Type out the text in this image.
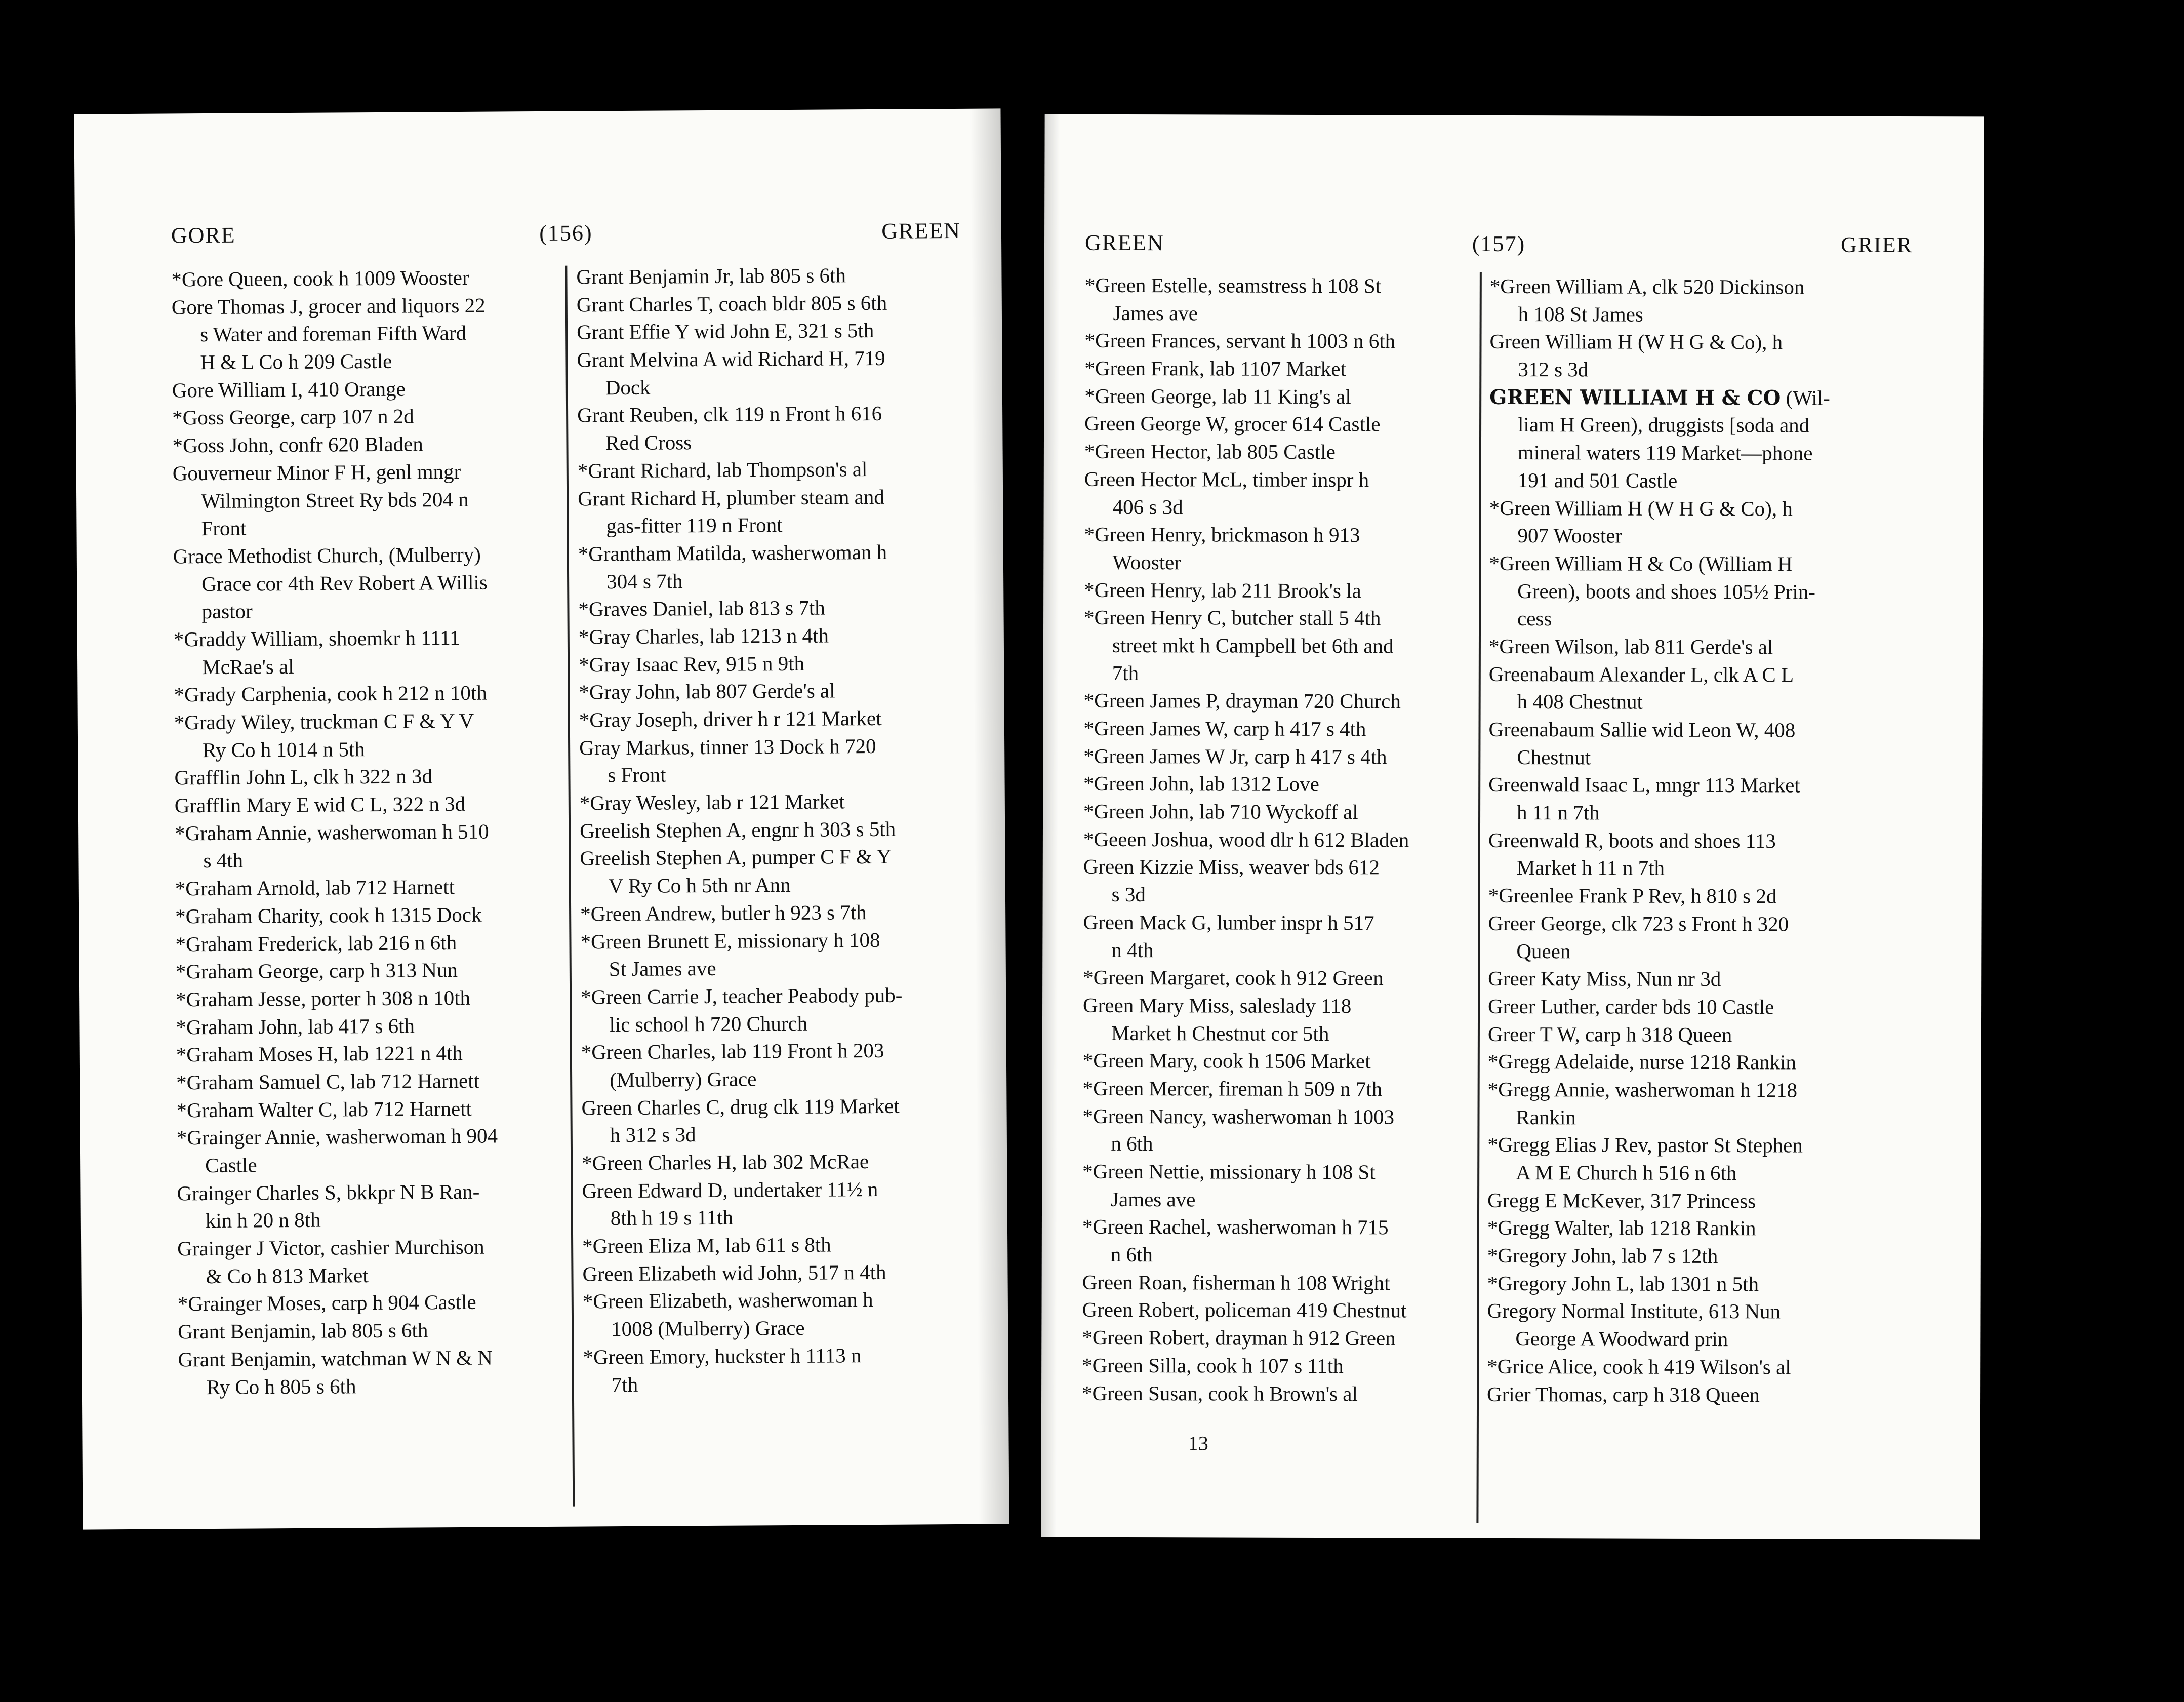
GORE	(156)	GREEN
*Gore Queen, cook h 1009 Wooster
Gore Thomas J, grocer and liquors 22
s Water and foreman Fifth Ward
H & L Co h 209 Castle
Gore William I, 410 Orange
*Goss George, carp 107 n 2d
*Goss John, confr 620 Bladen
Gouverneur Minor F H, genl mngr
Wilmington Street Ry bds 204 n
Front
Grace Methodist Church, (Mulberry)
Grace cor 4th Rev Robert A Willis
pastor
*Graddy William, shoemkr h 1111
McRae's al
*Grady Carphenia, cook h 212 n 10th
*Grady Wiley, truckman C F & Y V
Ry Co h 1014 n 5th
Grafflin John L, clk h 322 n 3d
Grafflin Mary E wid C L, 322 n 3d
*Graham Annie, washerwoman h 510
s 4th
*Graham Arnold, lab 712 Harnett
*Graham Charity, cook h 1315 Dock
*Graham Frederick, lab 216 n 6th
*Graham George, carp h 313 Nun
*Graham Jesse, porter h 308 n 10th
*Graham John, lab 417 s 6th
*Graham Moses H, lab 1221 n 4th
*Graham Samuel C, lab 712 Harnett
*Graham Walter C, lab 712 Harnett
*Grainger Annie, washerwoman h 904
Castle
Grainger Charles S, bkkpr N B Ran-
kin h 20 n 8th
Grainger J Victor, cashier Murchison
& Co h 813 Market
*Grainger Moses, carp h 904 Castle
Grant Benjamin, lab 805 s 6th
Grant Benjamin, watchman W N & N
Ry Co h 805 s 6th
Grant Benjamin Jr, lab 805 s 6th
Grant Charles T, coach bldr 805 s 6th
Grant Effie Y wid John E, 321 s 5th
Grant Melvina A wid Richard H, 719
Dock
Grant Reuben, clk 119 n Front h 616
Red Cross
*Grant Richard, lab Thompson's al
Grant Richard H, plumber steam and
gas-fitter 119 n Front
*Grantham Matilda, washerwoman h
304 s 7th
*Graves Daniel, lab 813 s 7th
*Gray Charles, lab 1213 n 4th
*Gray Isaac Rev, 915 n 9th
*Gray John, lab 807 Gerde's al
*Gray Joseph, driver h r 121 Market
Gray Markus, tinner 13 Dock h 720
s Front
*Gray Wesley, lab r 121 Market
Greelish Stephen A, engnr h 303 s 5th
Greelish Stephen A, pumper C F & Y
V Ry Co h 5th nr Ann
*Green Andrew, butler h 923 s 7th
*Green Brunett E, missionary h 108
St James ave
*Green Carrie J, teacher Peabody pub-
lic school h 720 Church
*Green Charles, lab 119 Front h 203
(Mulberry) Grace
Green Charles C, drug clk 119 Market
h 312 s 3d
*Green Charles H, lab 302 McRae
Green Edward D, undertaker 11½ n
8th h 19 s 11th
*Green Eliza M, lab 611 s 8th
Green Elizabeth wid John, 517 n 4th
*Green Elizabeth, washerwoman h
1008 (Mulberry) Grace
*Green Emory, huckster h 1113 n
7th
GREEN	(157)	GRIER
*Green Estelle, seamstress h 108 St
James ave
*Green Frances, servant h 1003 n 6th
*Green Frank, lab 1107 Market
*Green George, lab 11 King's al
Green George W, grocer 614 Castle
*Green Hector, lab 805 Castle
Green Hector McL, timber inspr h
406 s 3d
*Green Henry, brickmason h 913
Wooster
*Green Henry, lab 211 Brook's la
*Green Henry C, butcher stall 5 4th
street mkt h Campbell bet 6th and
7th
*Green James P, drayman 720 Church
*Green James W, carp h 417 s 4th
*Green James W Jr, carp h 417 s 4th
*Green John, lab 1312 Love
*Green John, lab 710 Wyckoff al
*Geeen Joshua, wood dlr h 612 Bladen
Green Kizzie Miss, weaver bds 612
s 3d
Green Mack G, lumber inspr h 517
n 4th
*Green Margaret, cook h 912 Green
Green Mary Miss, saleslady 118
Market h Chestnut cor 5th
*Green Mary, cook h 1506 Market
*Green Mercer, fireman h 509 n 7th
*Green Nancy, washerwoman h 1003
n 6th
*Green Nettie, missionary h 108 St
James ave
*Green Rachel, washerwoman h 715
n 6th
Green Roan, fisherman h 108 Wright
Green Robert, policeman 419 Chestnut
*Green Robert, drayman h 912 Green
*Green Silla, cook h 107 s 11th
*Green Susan, cook h Brown's al
*Green William A, clk 520 Dickinson
h 108 St James
Green William H (W H G & Co), h
312 s 3d
GREEN WILLIAM H & CO (Wil-
liam H Green), druggists [soda and
mineral waters 119 Market—phone
191 and 501 Castle
*Green William H (W H G & Co), h
907 Wooster
*Green William H & Co (William H
Green), boots and shoes 105½ Prin-
cess
*Green Wilson, lab 811 Gerde's al
Greenabaum Alexander L, clk A C L
h 408 Chestnut
Greenabaum Sallie wid Leon W, 408
Chestnut
Greenwald Isaac L, mngr 113 Market
h 11 n 7th
Greenwald R, boots and shoes 113
Market h 11 n 7th
*Greenlee Frank P Rev, h 810 s 2d
Greer George, clk 723 s Front h 320
Queen
Greer Katy Miss, Nun nr 3d
Greer Luther, carder bds 10 Castle
Greer T W, carp h 318 Queen
*Gregg Adelaide, nurse 1218 Rankin
*Gregg Annie, washerwoman h 1218
Rankin
*Gregg Elias J Rev, pastor St Stephen
A M E Church h 516 n 6th
Gregg E McKever, 317 Princess
*Gregg Walter, lab 1218 Rankin
*Gregory John, lab 7 s 12th
*Gregory John L, lab 1301 n 5th
Gregory Normal Institute, 613 Nun
George A Woodward prin
*Grice Alice, cook h 419 Wilson's al
Grier Thomas, carp h 318 Queen
13
